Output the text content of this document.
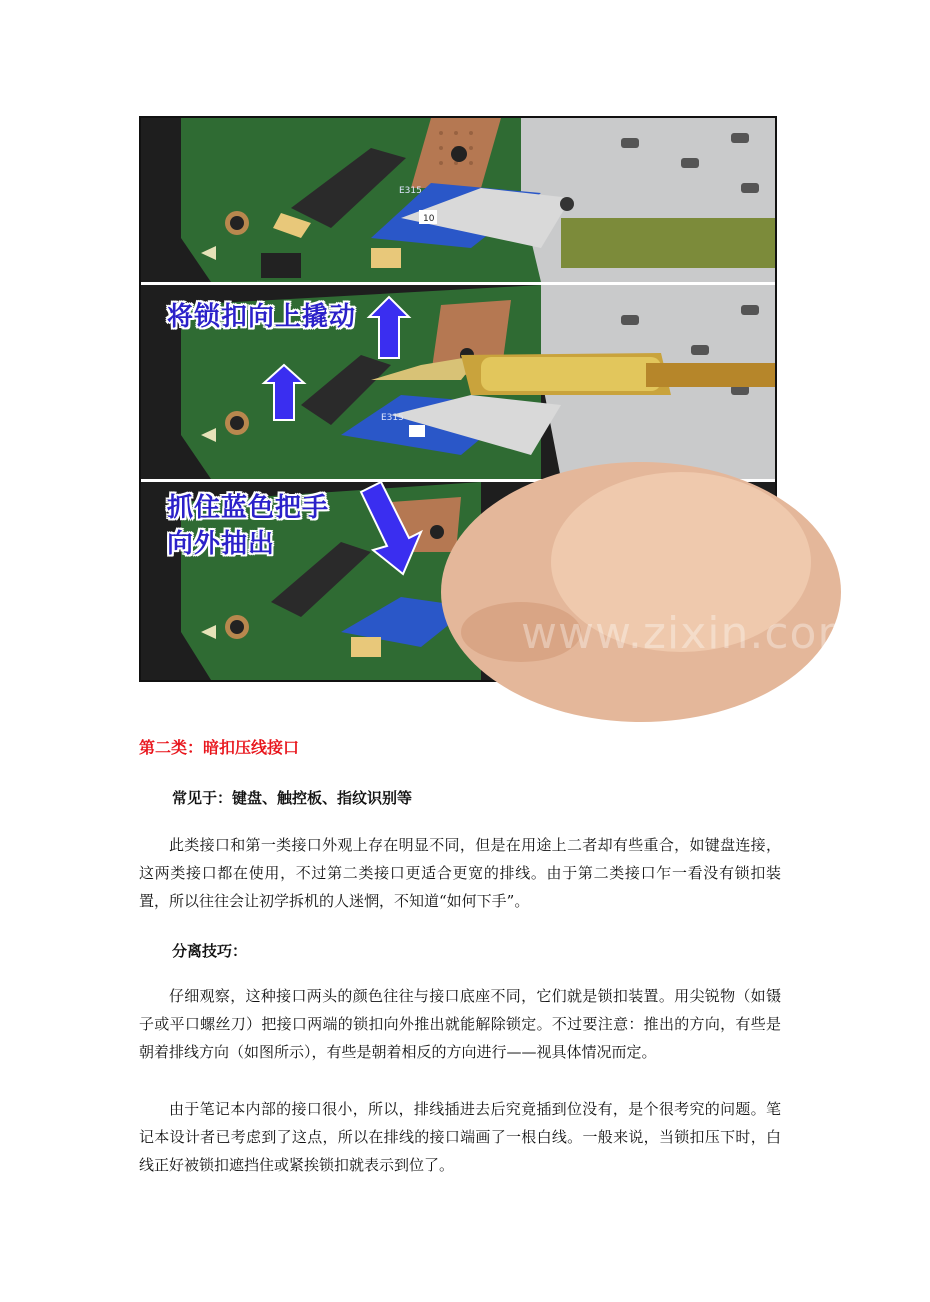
10
E315
E315
将锁扣向上撬动
抓住蓝色把手
向外抽出
www.zixin.com.cn
第二类：暗扣压线接口
常见于：键盘、触控板、指纹识别等

此类接口和第一类接口外观上存在明显不同，但是在用途上二者却有些重合，如键盘连接，这两类接口都在使用，不过第二类接口更适合更宽的排线。由于第二类接口乍一看没有锁扣装置，所以往往会让初学拆机的人迷惘，不知道“如何下手”。

分离技巧：

仔细观察，这种接口两头的颜色往往与接口底座不同，它们就是锁扣装置。用尖锐物（如镊子或平口螺丝刀）把接口两端的锁扣向外推出就能解除锁定。不过要注意：推出的方向，有些是朝着排线方向（如图所示），有些是朝着相反的方向进行——视具体情况而定。

由于笔记本内部的接口很小，所以，排线插进去后究竟插到位没有，是个很考究的问题。笔记本设计者已考虑到了这点，所以在排线的接口端画了一根白线。一般来说，当锁扣压下时，白线正好被锁扣遮挡住或紧挨锁扣就表示到位了。
